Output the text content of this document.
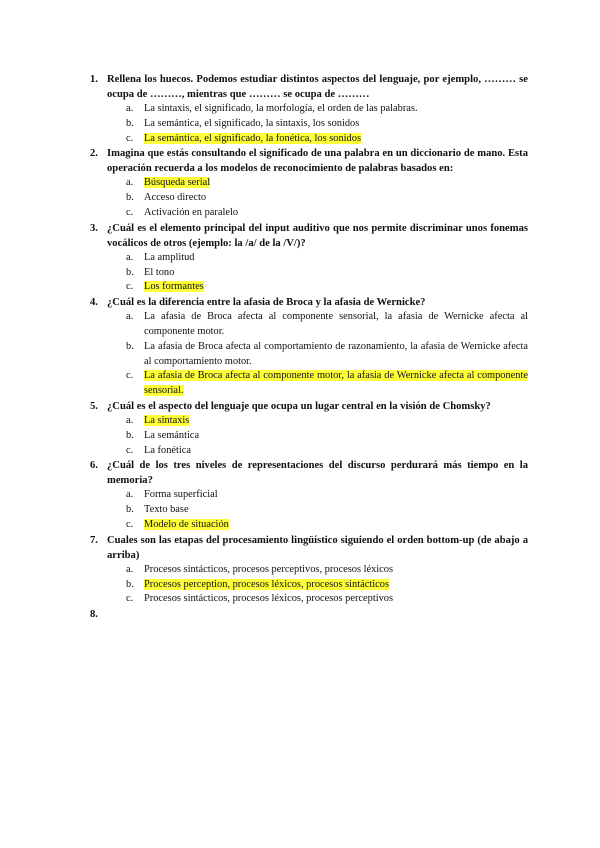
1. Rellena los huecos. Podemos estudiar distintos aspectos del lenguaje, por ejemplo, ……… se ocupa de ………, mientras que ……… se ocupa de ………
a.	La sintaxis, el significado, la morfología, el orden de las palabras.
b. La semántica, el significado, la sintaxis, los sonidos
c.	La semántica, el significado, la fonética, los sonidos
2. Imagina que estás consultando el significado de una palabra en un diccionario de mano. Esta operación recuerda a los modelos de reconocimiento de palabras basados en:
a.	Búsqueda serial
b. Acceso directo
c.	Activación en paralelo
3. ¿Cuál es el elemento principal del input auditivo que nos permite discriminar unos fonemas vocálicos de otros (ejemplo: la /a/ de la /V/)?
a.	La amplitud
b. El tono
c.	Los formantes
4. ¿Cuál es la diferencia entre la afasia de Broca y la afasia de Wernicke?
a.	La afasia de Broca afecta al componente sensorial, la afasia de Wernicke afecta al componente motor.
b. La afasia de Broca afecta al comportamiento de razonamiento, la afasia de Wernicke afecta al comportamiento motor.
c.	La afasia de Broca afecta al componente motor, la afasia de Wernicke afecta al componente sensorial.
5. ¿Cuál es el aspecto del lenguaje que ocupa un lugar central en la visión de Chomsky?
a.	La sintaxis
b. La semántica
c.	La fonética
6. ¿Cuál de los tres niveles de representaciones del discurso perdurará más tiempo en la memoria?
a.	Forma superficial
b. Texto base
c.	Modelo de situación
7. Cuales son las etapas del procesamiento lingüístico siguiendo el orden bottom-up (de abajo a arriba)
a.	Procesos sintácticos, procesos perceptivos, procesos léxicos
b. Procesos perception, procesos léxicos, procesos sintácticos
c.	Procesos sintácticos, procesos léxicos, procesos perceptivos
8.
